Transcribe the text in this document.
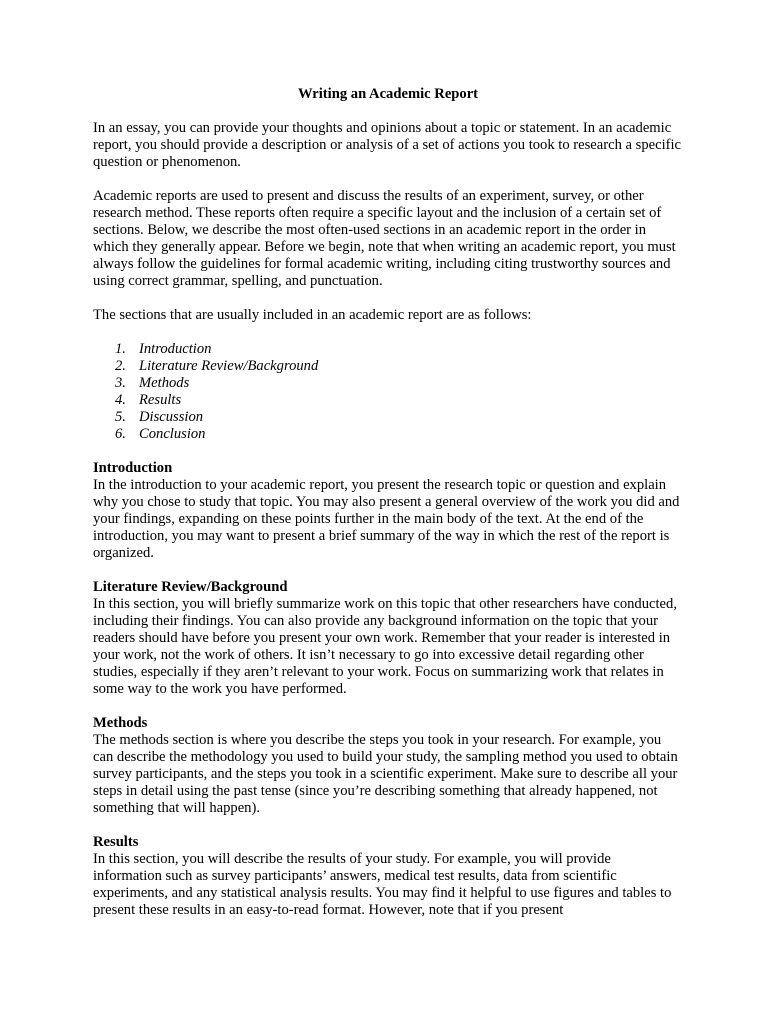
Writing an Academic Report

In an essay, you can provide your thoughts and opinions about a topic or statement. In an academic report, you should provide a description or analysis of a set of actions you took to research a specific question or phenomenon.

Academic reports are used to present and discuss the results of an experiment, survey, or other research method. These reports often require a specific layout and the inclusion of a certain set of sections. Below, we describe the most often-used sections in an academic report in the order in which they generally appear. Before we begin, note that when writing an academic report, you must always follow the guidelines for formal academic writing, including citing trustworthy sources and using correct grammar, spelling, and punctuation.

The sections that are usually included in an academic report are as follows:

1. Introduction
2. Literature Review/Background
3. Methods
4. Results
5. Discussion
6. Conclusion
Introduction

In the introduction to your academic report, you present the research topic or question and explain why you chose to study that topic. You may also present a general overview of the work you did and your findings, expanding on these points further in the main body of the text. At the end of the introduction, you may want to present a brief summary of the way in which the rest of the report is organized.

Literature Review/Background

In this section, you will briefly summarize work on this topic that other researchers have conducted, including their findings. You can also provide any background information on the topic that your readers should have before you present your own work. Remember that your reader is interested in your work, not the work of others. It isn’t necessary to go into excessive detail regarding other studies, especially if they aren’t relevant to your work. Focus on summarizing work that relates in some way to the work you have performed.

Methods

The methods section is where you describe the steps you took in your research. For example, you can describe the methodology you used to build your study, the sampling method you used to obtain survey participants, and the steps you took in a scientific experiment. Make sure to describe all your steps in detail using the past tense (since you’re describing something that already happened, not something that will happen).

Results

In this section, you will describe the results of your study. For example, you will provide information such as survey participants’ answers, medical test results, data from scientific experiments, and any statistical analysis results. You may find it helpful to use figures and tables to present these results in an easy-to-read format. However, note that if you present
